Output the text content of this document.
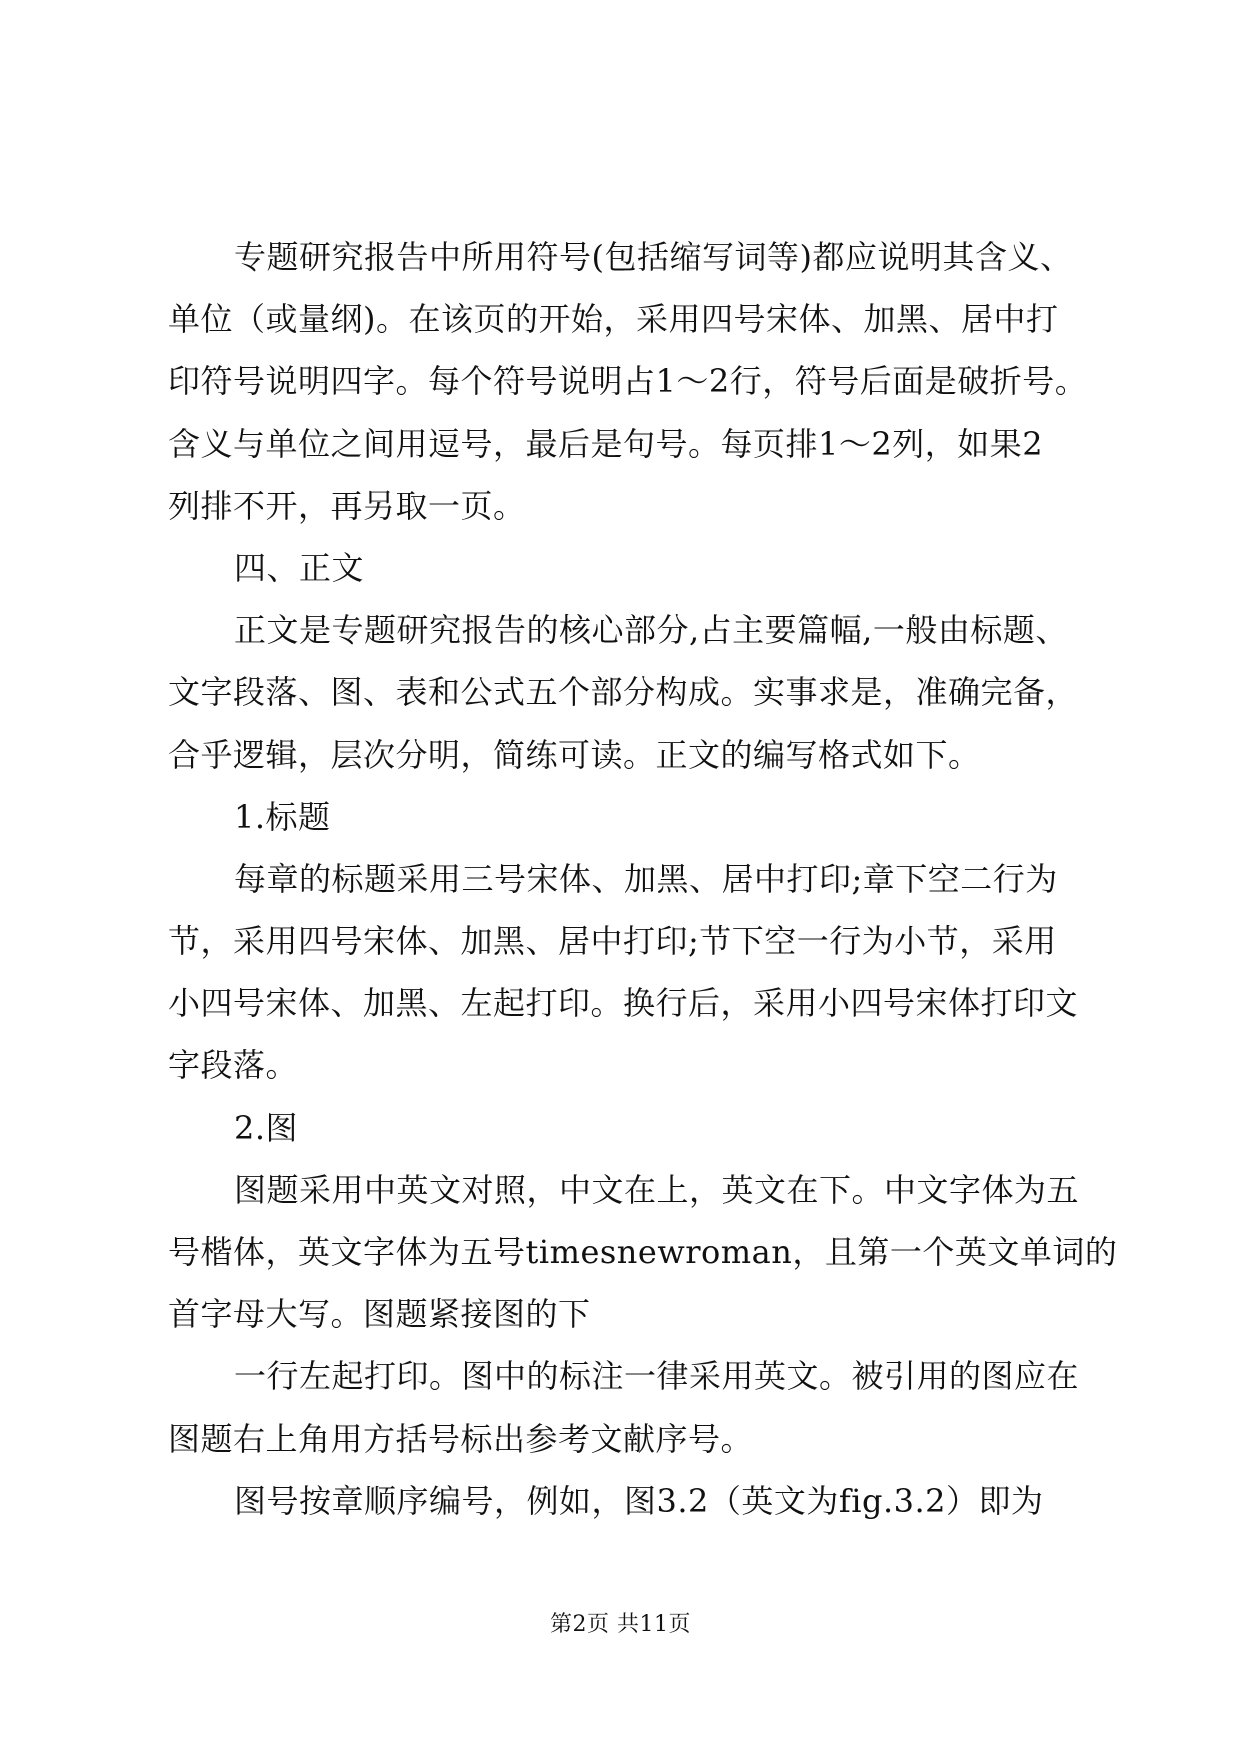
专题研究报告中所用符号(包括缩写词等)都应说明其含义、
单位（或量纲)。在该页的开始，采用四号宋体、加黑、居中打
印符号说明四字。每个符号说明占1～2行，符号后面是破折号。
含义与单位之间用逗号，最后是句号。每页排1～2列，如果2
列排不开，再另取一页。
四、正文
正文是专题研究报告的核心部分,占主要篇幅,一般由标题、
文字段落、图、表和公式五个部分构成。实事求是，准确完备，
合乎逻辑，层次分明，简练可读。正文的编写格式如下。
1.标题
每章的标题采用三号宋体、加黑、居中打印;章下空二行为
节，采用四号宋体、加黑、居中打印;节下空一行为小节，采用
小四号宋体、加黑、左起打印。换行后，采用小四号宋体打印文
字段落。
2.图
图题采用中英文对照，中文在上，英文在下。中文字体为五
号楷体，英文字体为五号timesnewroman，且第一个英文单词的
首字母大写。图题紧接图的下
一行左起打印。图中的标注一律采用英文。被引用的图应在
图题右上角用方括号标出参考文献序号。
图号按章顺序编号，例如，图3.2（英文为fig.3.2）即为
第2页 共11页
